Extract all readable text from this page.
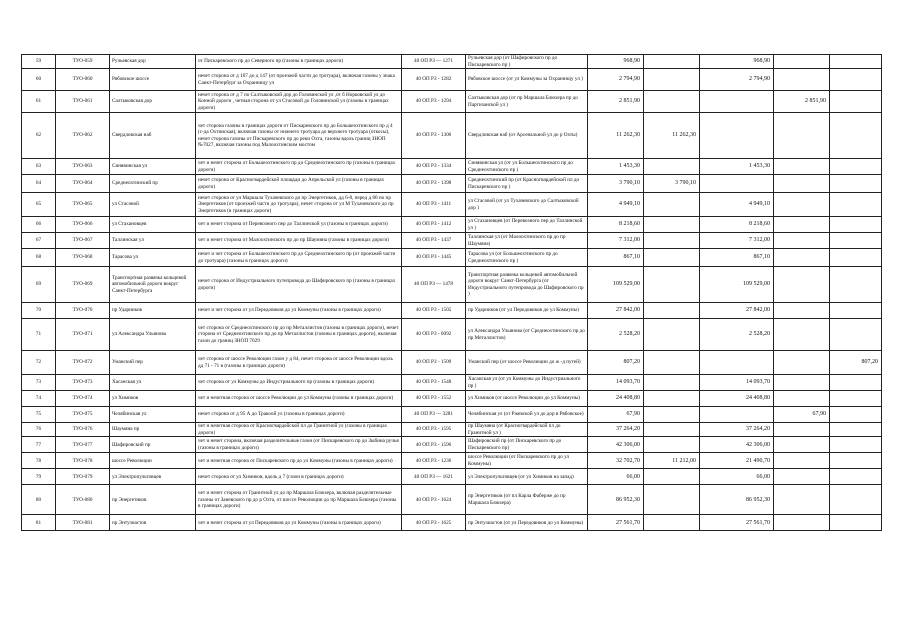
59	ТУО-059	Ручьевская дор	от Пискаревского пр до Северного пр (газоны в границах дороги)	40 ОП РЗ — 1271	Ручьевская дор (от Шафировского пр до Пискаревского пр )	968,90		968,90		
60	ТУО-060	Рябовское шоссе	нечет сторона от д 107 до д 147 (от проезжей части до тротуара), включая газоны у знака Санкт-Петербург за Охранницу ул	40 ОП РЗ - 1282	Рябовское шоссе (от ул Коммуны за Охранницу ул )	2 794,90		2 794,90		
61	ТУО-061	Салтыковская дор	нечет сторона от д 7 по Салтыковской дор до Головинской ул ,от б Норковской ул до Конной дороги , четная сторона от ул Стасовой до Головинской ул (газоны в границах дороги)	40 ОП РЗ - 1294	Салтыковская дор (от пр Маршала Блюхера пр до Партизанской ул )	2 851,90			2 851,90	
62	ТУО-062	Свердловская наб	чет сторона газоны в границах дороги от Пискаревского пр до Большеохтинского пр д 4 (с-да Охтинская), включая газоны от нижнего тротуара до верхнего тротуара (откосы), нечет сторона газоны от Пискаревского пр до реки Охта, газоны вдоль границ ЗНОП №7027, включая газоны под Малоохтинским мостом	40 ОП РЗ - 1306	Свердловская наб (от Арсенальной ул до р Охты)	11 262,30	11 262,30			
63	ТУО-063	Синявинская ул	чет и нечет сторона от Большеохтинского пр до Среднеохтинского пр (газоны в границах дороги)	40 ОП РЗ - 1334	Синявинская ул (от ул Большеохтинского пр до Среднеохтинского пр )	1 453,30		1 453,30		
64	ТУО-064	Среднеохтинский пр	нечет сторона от Красногвардейской площади до Апрельской ул (газоны в границах дороги)	40 ОП РЗ - 1398	Среднеохтинский пр (от Красногвардейской пл до Пискаревского пр )	3 790,10	3 790,10			
65	ТУО-065	ул Стасовой	нечет сторона от ул Маршала Тухачевского до пр Энергетиков, дд 6-8, перед д 80 по пр Энергетиков (от проезжей части до тротуара), нечет сторона от ул М Тухачевского до пр Энергетиков (в границах дороги)	40 ОП РЗ - 1411	ул Стасовой (от ул Тухачевского до Салтыковской дор )	4 949,10		4 949,10		
66	ТУО-066	ул Стахановцев	чет и нечет сторона от Перевозного пер до Таллинской ул (газоны в границах дороги)	40 ОП РЗ - 1412	ул Стахановцев (от Перевозного пер до Таллинской ул )	8 218,60		8 218,60		
67	ТУО-067	Таллинская ул	чет и нечет сторона от Малоохтинского пр до пр Шаумяна (газоны в границах дороги)	40 ОП РЗ - 1437	Таллинская ул (от Малоохтинского пр до пр Шаумяна)	7 312,00		7 312,00		
68	ТУО-068	Тарасова ул	нечет и чет сторона от Большеохтинского пр до Среднеохтинского пр (от проезжей части до тротуара) (газоны в границах дороги)	40 ОП РЗ - 1445	Тарасова ул (от Большеохтинского пр до Среднеохтинского пр )	867,10		867,10		
69	ТУО-069	Транспортная развязка кольцевой автомобильной дороги вокруг Санкт-Петербурга	нечет сторона от Индустриального путепровода до Шафировского пр (газоны в границах дороги)	40 ОП РЗ — 1478	Транспортная развязка кольцевой автомобильной дороги вокруг Санкт-Петербурга (от Индустриального путепровода до Шафировского пр )	109 529,00		109 529,00		
70	ТУО-070	пр Ударников	нечет и чет сторона от ул Передовиков до ул Коммуны (газоны в границах дороги)	40 ОП РЗ - 1505	пр Ударников (от ул Передовиков до ул Коммуны)	27 842,00		27 842,00		
71	ТУО-071	ул Александра Ульянова	чет сторона от Среднеохтинского пр до пр Металлистов (газоны в границах дороги), нечет сторона от Среднеохтинского пр до пр Металлистов (газоны в границах дороги), включая газон до границ ЗНОП 7029	40 ОП РЗ - 0092	ул Александра Ульянова (от Среднеохтинского пр до пр Металлистов)	2 528,20		2 528,20		
72	ТУО-072	Уманский пер	чет сторона от шоссе Революции газон у д 84, нечет сторона от шоссе Революции вдоль дд 71 - 71 в (газоны в границах дороги)	40 ОП РЗ - 1509	Уманский пер (от шоссе Революции до ж -д путей)	807,20				807,20
73	ТУО-073	Хасанская ул	чет сторона от ул Коммуны до Индустриального пр (газоны в границах дороги)	40 ОП РЗ - 1548	Хасанская ул (от ул Коммуны до Индустриального пр )	14 093,70		14 093,70		
74	ТУО-074	ул Химиков	чет и нечетная сторона от шоссе Революции до ул Коммуны (газоны в границах дороги)	40 ОП РЗ - 1552	ул Химиков (от шоссе Революции до ул Коммуны)	24 408,80		24 408,80		
75	ТУО-075	Челябинская ул	нечет сторона от д 95 А до Тракоой ул (газоны в границах дороги)	40 ОП РЗ — 3281	Челябинская ул (от Ржевской ул до дор в Рябовское)	67,90			67,90	
76	ТУО-076	Шаумяна пр	чет и нечетная сторона от Красногвардейской пл до Гранитной ул (газоны в границах дороги)	40 ОП РЗ - 1595	пр Шаумяна (от Красногвардейской пл до Гранитной ул )	37 264,20		37 264,20		
77	ТУО-077	Шафировский пр	чет и нечет сторона, включая разделительные газон (от Пискаревского пр до Зыбина ручья (газоны в границах дороги)	40 ОП РЗ - 1596	Шафировский пр (от Пискаревского пр до Пискаревского пр)	42 306,00		42 306,00		
78	ТУО-078	шоссе Революции	чет и нечетная сторона от Пискаревского пр до ул Коммуны (газоны в границах дороги)	40 ОП РЗ - 1236	шоссе Революции (от Пискаревского пр до ул Коммуны)	32 702,70	11 212,00	21 490,70		
79	ТУО-079	ул Электропультовцев	нечет сторона от ул Химиков, вдоль д 7 (газон в границах дороги)	40 ОП РЗ — 1621	ул Электропультовцев (от ул Химиков на запад)	66,00		66,00		
80	ТУО-080	пр Энергетиков	чет и нечет сторона от Гранитной ул до пр Маршала Блюхера, включая разделительные газоны от Заневского пр до р Охта, от шоссе Революции до пр Маршала Блюхера (газоны в границах дороги)	40 ОП РЗ - 1624	пр Энергетиков (от пл Карла Фаберже до пр Маршала Блюхера)	86 952,30		86 952,30		
81	ТУО-081	пр Энтузиастов	чет и нечет сторона от ул Передовиков до ул Коммуны (газоны в границах дороги)	40 ОП РЗ - 1625	пр Энтузиастов (от ул Передовиков до ул Коммуны)	27 561,70		27 561,70		
